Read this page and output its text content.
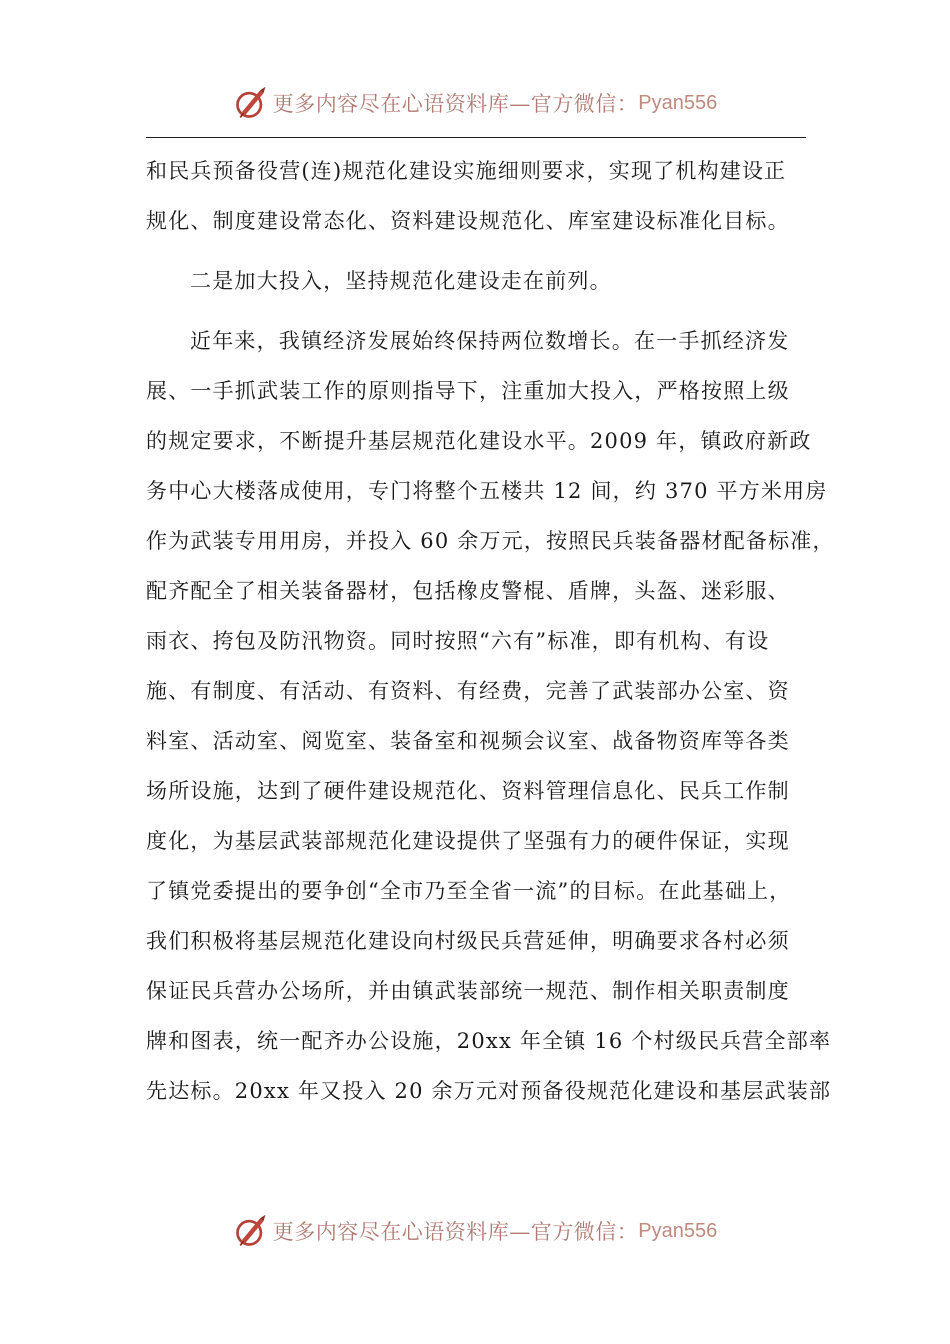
更多内容尽在心语资料库—官方微信： Pyan556
和民兵预备役营(连)规范化建设实施细则要求，实现了机构建设正
规化、制度建设常态化、资料建设规范化、库室建设标准化目标。
二是加大投入，坚持规范化建设走在前列。
近年来，我镇经济发展始终保持两位数增长。在一手抓经济发
展、一手抓武装工作的原则指导下，注重加大投入，严格按照上级
的规定要求，不断提升基层规范化建设水平。2009 年，镇政府新政
务中心大楼落成使用，专门将整个五楼共 12 间，约 370 平方米用房
作为武装专用用房，并投入 60 余万元，按照民兵装备器材配备标准，
配齐配全了相关装备器材，包括橡皮警棍、盾牌，头盔、迷彩服、
雨衣、挎包及防汛物资。同时按照“六有”标准，即有机构、有设
施、有制度、有活动、有资料、有经费，完善了武装部办公室、资
料室、活动室、阅览室、装备室和视频会议室、战备物资库等各类
场所设施，达到了硬件建设规范化、资料管理信息化、民兵工作制
度化，为基层武装部规范化建设提供了坚强有力的硬件保证，实现
了镇党委提出的要争创“全市乃至全省一流”的目标。在此基础上，
我们积极将基层规范化建设向村级民兵营延伸，明确要求各村必须
保证民兵营办公场所，并由镇武装部统一规范、制作相关职责制度
牌和图表，统一配齐办公设施，20xx 年全镇 16 个村级民兵营全部率
先达标。20xx 年又投入 20 余万元对预备役规范化建设和基层武装部
更多内容尽在心语资料库—官方微信： Pyan556
